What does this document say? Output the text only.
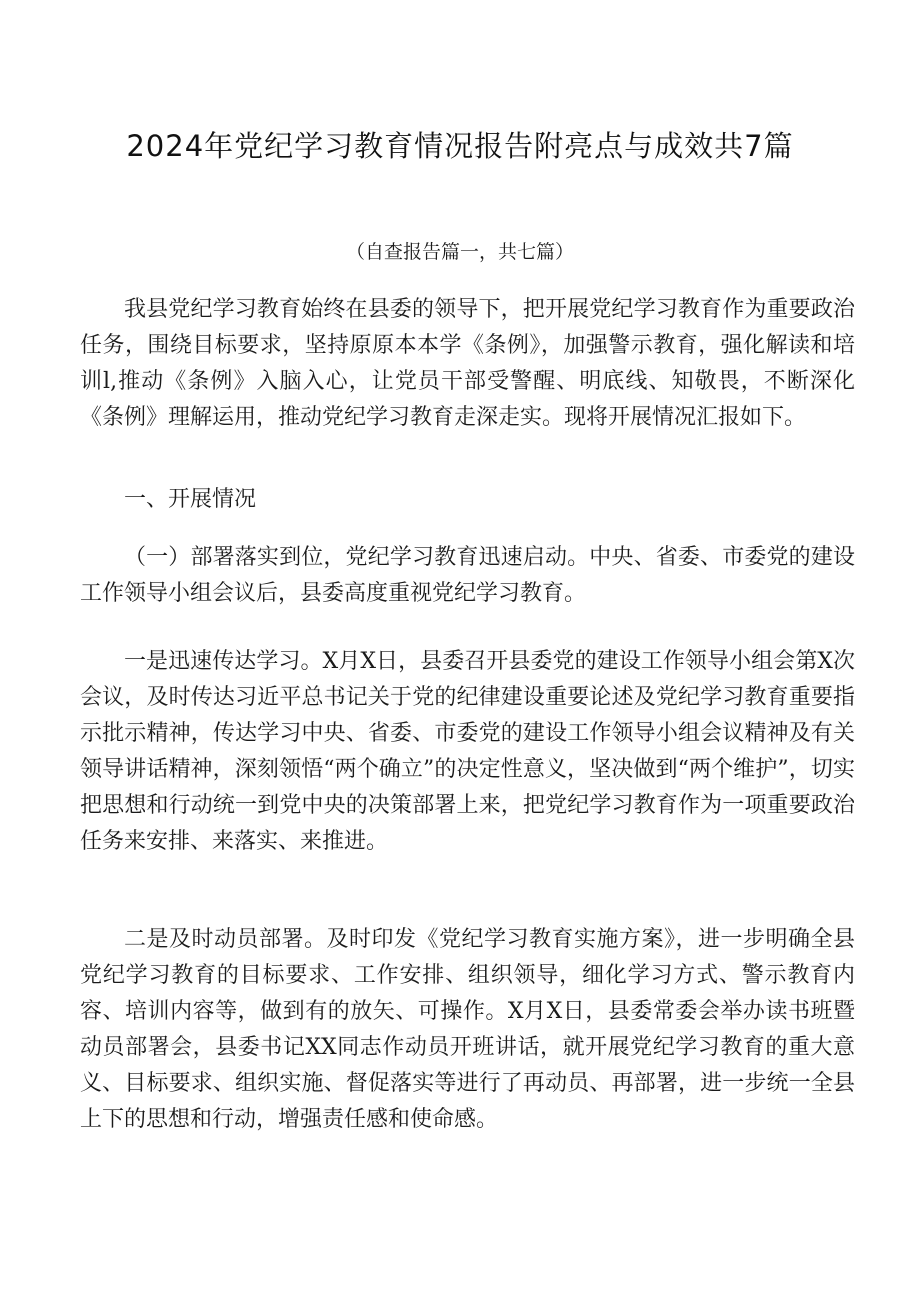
2024年党纪学习教育情况报告附亮点与成效共7篇
（自查报告篇一，共七篇）

我县党纪学习教育始终在县委的领导下，把开展党纪学习教育作为重要政治任务，围绕目标要求，坚持原原本本学《条例》，加强警示教育，强化解读和培训l,推动《条例》入脑入心，让党员干部受警醒、明底线、知敬畏，不断深化《条例》理解运用，推动党纪学习教育走深走实。现将开展情况汇报如下。

一、开展情况

（一）部署落实到位，党纪学习教育迅速启动。中央、省委、市委党的建设工作领导小组会议后，县委高度重视党纪学习教育。

一是迅速传达学习。X月X日，县委召开县委党的建设工作领导小组会第X次会议，及时传达习近平总书记关于党的纪律建设重要论述及党纪学习教育重要指示批示精神，传达学习中央、省委、市委党的建设工作领导小组会议精神及有关领导讲话精神，深刻领悟“两个确立”的决定性意义，坚决做到“两个维护”，切实把思想和行动统一到党中央的决策部署上来，把党纪学习教育作为一项重要政治任务来安排、来落实、来推进。

二是及时动员部署。及时印发《党纪学习教育实施方案》，进一步明确全县党纪学习教育的目标要求、工作安排、组织领导，细化学习方式、警示教育内容、培训内容等，做到有的放矢、可操作。X月X日，县委常委会举办读书班暨动员部署会，县委书记XX同志作动员开班讲话，就开展党纪学习教育的重大意义、目标要求、组织实施、督促落实等进行了再动员、再部署，进一步统一全县上下的思想和行动，增强责任感和使命感。
